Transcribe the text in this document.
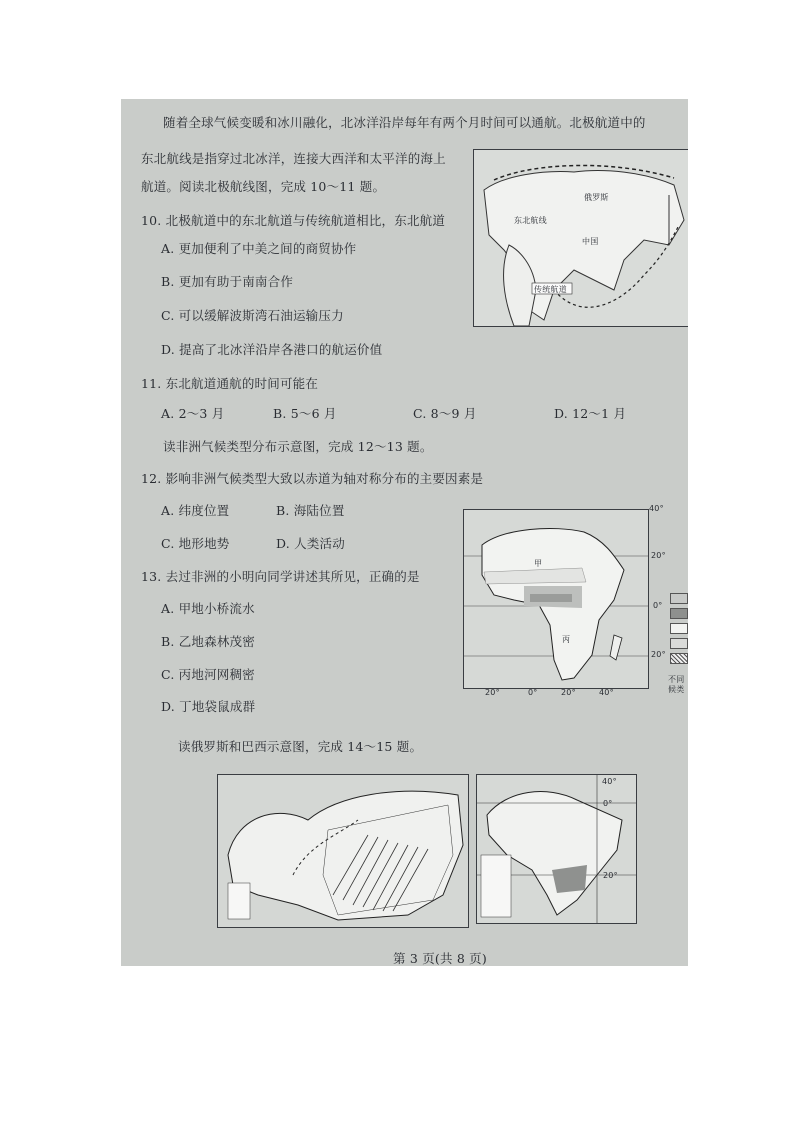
随着全球气候变暖和冰川融化，北冰洋沿岸每年有两个月时间可以通航。北极航道中的
东北航线是指穿过北冰洋，连接大西洋和太平洋的海上
航道。阅读北极航线图，完成 10～11 题。
俄罗斯
中国
东北航线
传统航道
10. 北极航道中的东北航道与传统航道相比，东北航道
A. 更加便利了中美之间的商贸协作
B. 更加有助于南南合作
C. 可以缓解波斯湾石油运输压力
D. 提高了北冰洋沿岸各港口的航运价值
11. 东北航道通航的时间可能在
A. 2～3 月	B. 5～6 月	C. 8～9 月	D. 12～1 月
读非洲气候类型分布示意图，完成 12～13 题。
12. 影响非洲气候类型大致以赤道为轴对称分布的主要因素是
A. 纬度位置	B. 海陆位置
C. 地形地势	D. 人类活动
13. 去过非洲的小明向同学讲述其所见，正确的是
A. 甲地小桥流水
B. 乙地森林茂密
C. 丙地河网稠密
D. 丁地袋鼠成群
甲
丙
40°
20°
0°
20°
20°	0°	20°	40°
不同
候类
读俄罗斯和巴西示意图，完成 14～15 题。
40°
0°
20°
第 3 页(共 8 页)
